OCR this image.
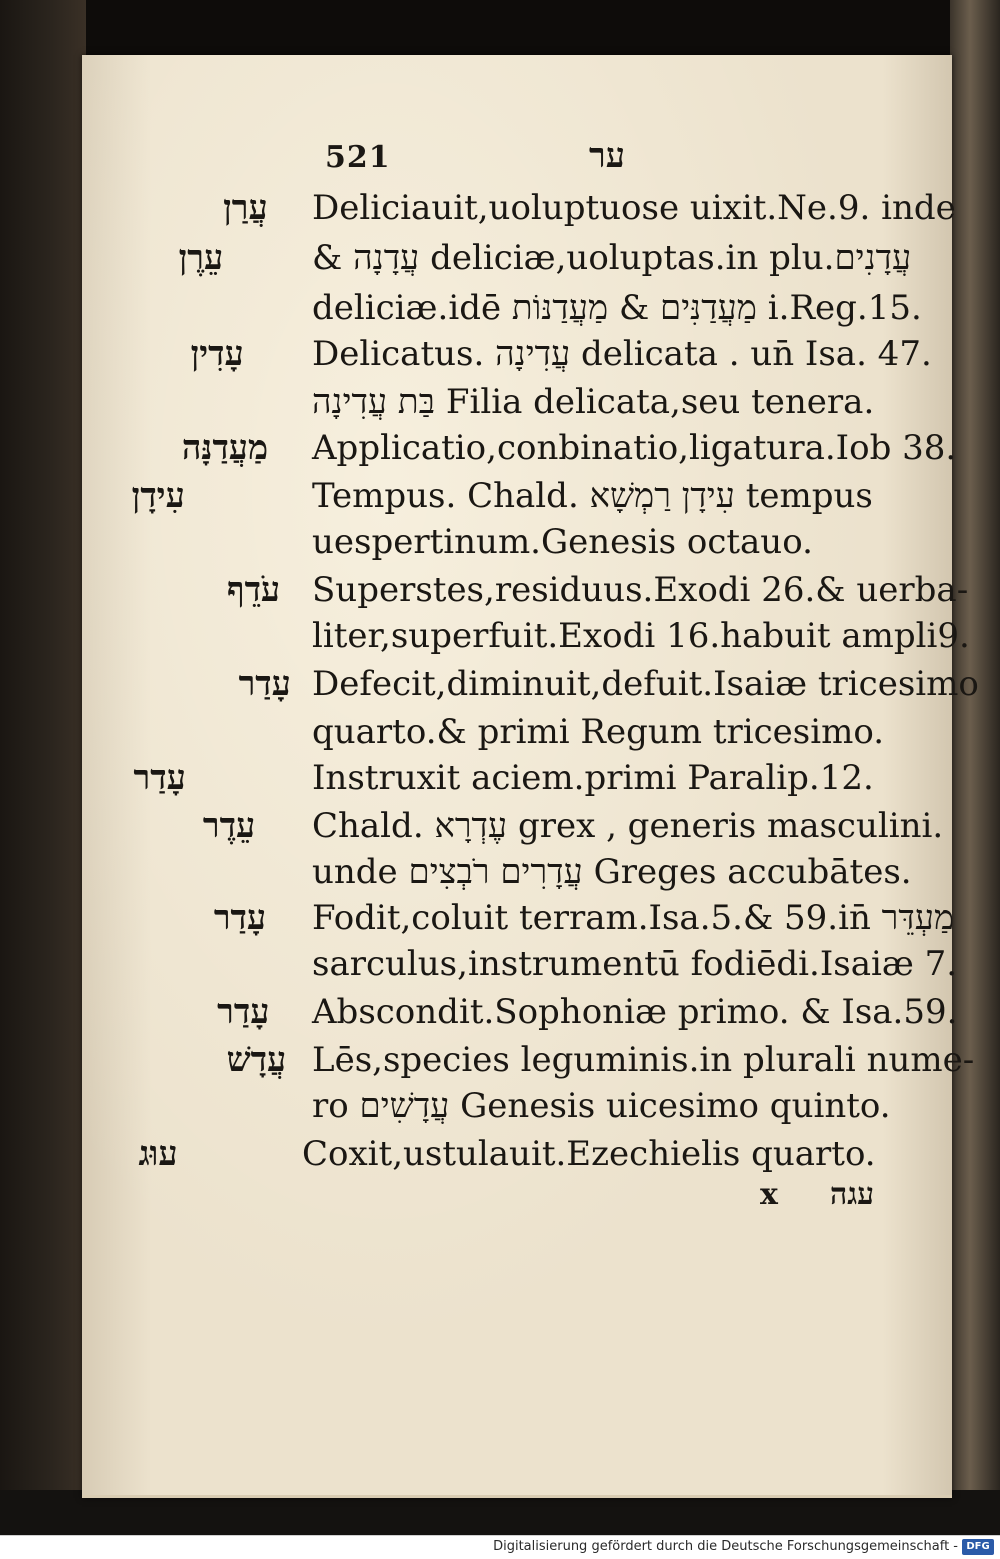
521	ער
עֲרַן Deliciauit,uoluptuose uixit.Ne.9. inde
עֵרֶן	& עֲדָנָה deliciæ,uoluptas.in plu.עֲדָנִים
deliciæ.idē מַעֲדַנִּים & מַעֲדַנּוֹת i.Reg.15.
עָדִין Delicatus. עֲדִינָה delicata . un̄ Isa. 47.
בַּת עֲדִינָה Filia delicata,seu tenera.
מַעֲדַנָּה Applicatio,conbinatio,ligatura.Iob 38.
עִידָן	Tempus. Chald. עִידָן רַמְשָׁא tempus
uespertinum.Genesis octauo.
עֹדֵף Superstes,residuus.Exodi 26.& uerba-
liter,superfuit.Exodi 16.habuit ampli9.
עָדַר Defecit,diminuit,defuit.Isaiæ tricesimo
quarto.& primi Regum tricesimo.
עָדַר	Instruxit aciem.primi Paralip.12.
עֵדֶר Chald. עֶדְרָא grex , generis masculini.
unde עֲדָרִים רֹבְצִים Greges accubātes.
עָדַר Fodit,coluit terram.Isa.5.& 59.in̄ מַעְדֵּר
sarculus,instrumentū fodiēdi.Isaiæ 7.
עָדַר Abscondit.Sophoniæ primo. & Isa.59.
עֲדָשׁ Lēs,species leguminis.in plurali nume-
ro עֲדָשִׁים Genesis uicesimo quinto.
עוּג	Coxit,ustulauit.Ezechielis quarto.
x עגה
Digitalisierung gefördert durch die Deutsche Forschungsgemeinschaft - DFG
